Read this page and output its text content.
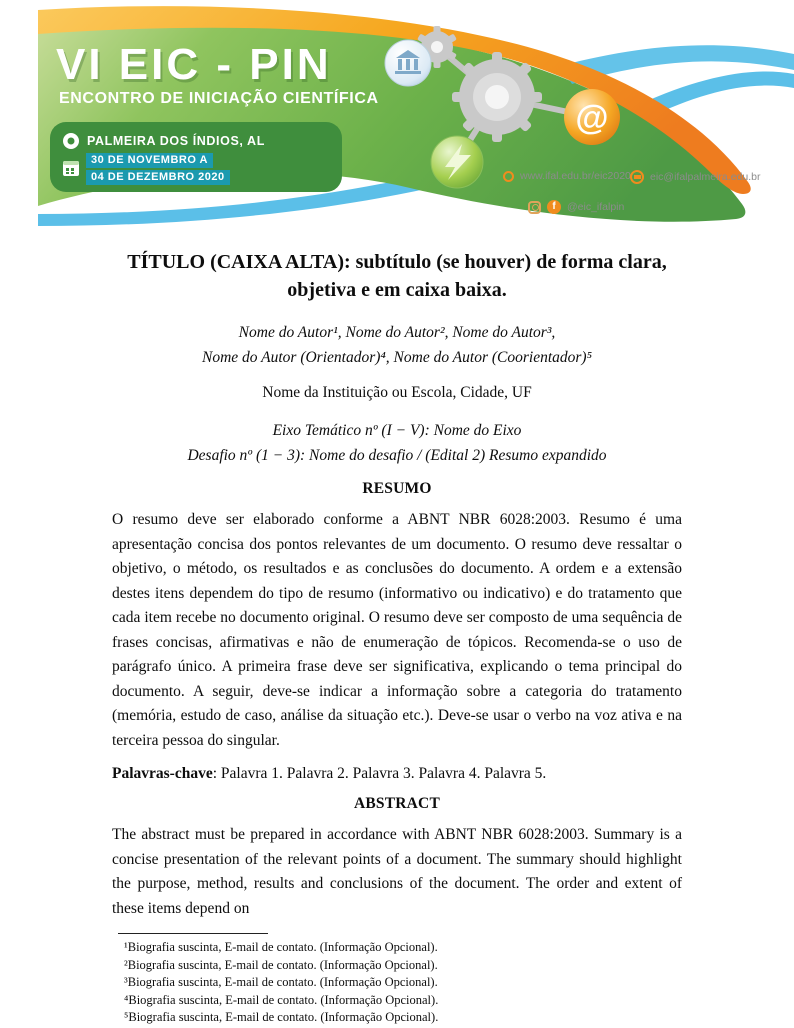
@
VI EIC - PIN
ENCONTRO DE INICIAÇÃO CIENTÍFICA
PALMEIRA DOS ÍNDIOS, AL
30 DE NOVEMBRO A
04 DE DEZEMBRO 2020	www.ifal.edu.br/eic2020 eic@ifalpalmeira.edu.br
f	@eic_ifalpin
TÍTULO (CAIXA ALTA): subtítulo (se houver) de forma clara, objetiva e em caixa baixa.

Nome do Autor¹, Nome do Autor², Nome do Autor³,
Nome do Autor (Orientador)⁴, Nome do Autor (Coorientador)⁵

Nome da Instituição ou Escola, Cidade, UF

Eixo Temático nº (I − V): Nome do Eixo
Desafio nº (1 − 3): Nome do desafio / (Edital 2) Resumo expandido

RESUMO

O resumo deve ser elaborado conforme a ABNT NBR 6028:2003. Resumo é uma apresentação concisa dos pontos relevantes de um documento. O resumo deve ressaltar o objetivo, o método, os resultados e as conclusões do documento. A ordem e a extensão destes itens dependem do tipo de resumo (informativo ou indicativo) e do tratamento que cada item recebe no documento original. O resumo deve ser composto de uma sequência de frases concisas, afirmativas e não de enumeração de tópicos. Recomenda-se o uso de parágrafo único. A primeira frase deve ser significativa, explicando o tema principal do documento. A seguir, deve-se indicar a informação sobre a categoria do tratamento (memória, estudo de caso, análise da situação etc.). Deve-se usar o verbo na voz ativa e na terceira pessoa do singular.

Palavras-chave: Palavra 1. Palavra 2. Palavra 3. Palavra 4. Palavra 5.

ABSTRACT

The abstract must be prepared in accordance with ABNT NBR 6028:2003. Summary is a concise presentation of the relevant points of a document. The summary should highlight the purpose, method, results and conclusions of the document. The order and extent of these items depend on

¹Biografia suscinta, E-mail de contato. (Informação Opcional).
²Biografia suscinta, E-mail de contato. (Informação Opcional).
³Biografia suscinta, E-mail de contato. (Informação Opcional).
⁴Biografia suscinta, E-mail de contato. (Informação Opcional).
⁵Biografia suscinta, E-mail de contato. (Informação Opcional).
